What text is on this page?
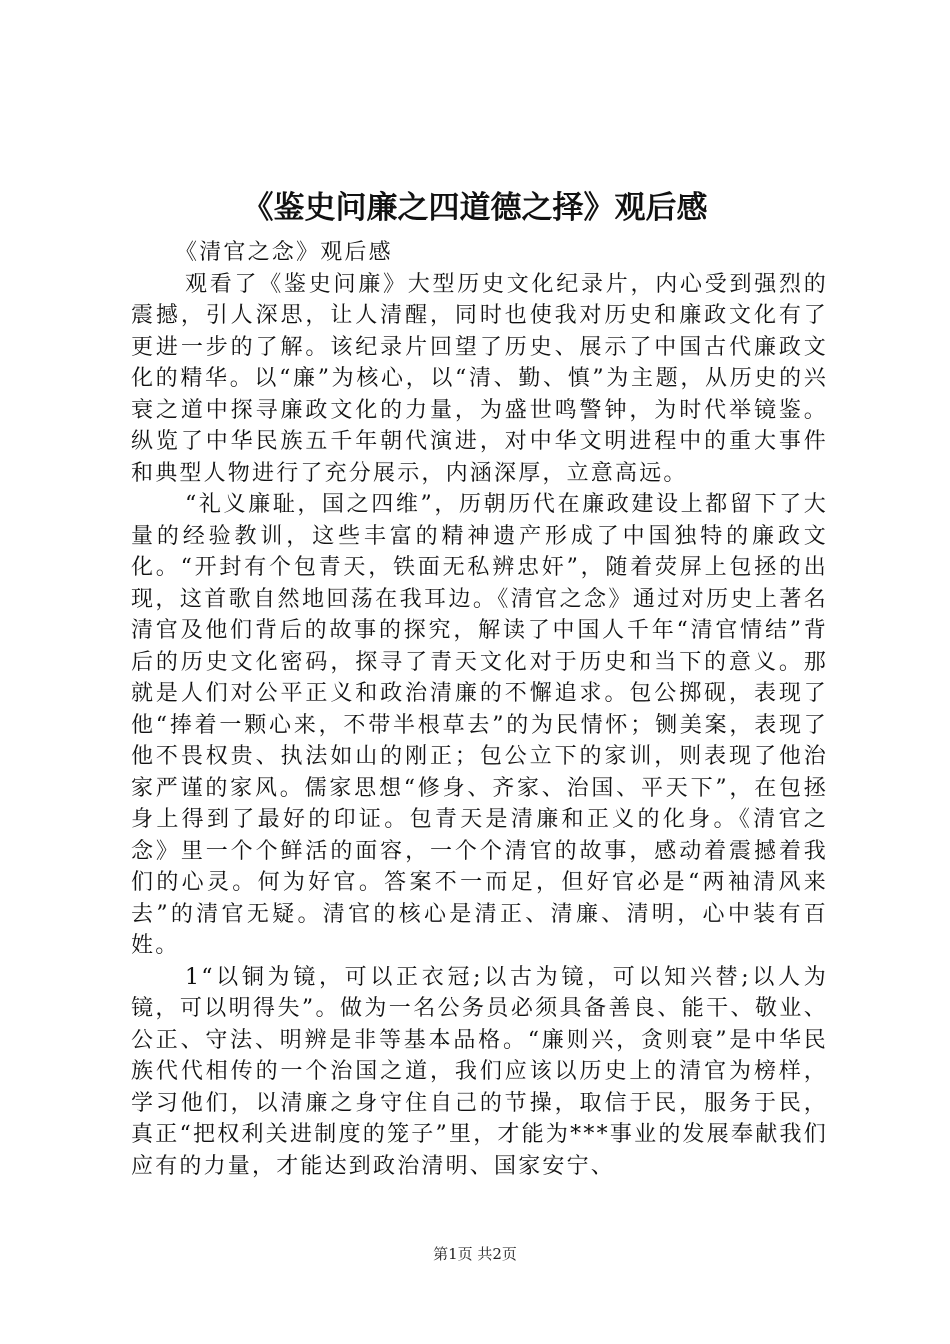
《鉴史问廉之四道德之择》观后感

《清官之念》观后感

观看了《鉴史问廉》大型历史文化纪录片，内心受到强烈的震撼，引人深思，让人清醒，同时也使我对历史和廉政文化有了更进一步的了解。该纪录片回望了历史、展示了中国古代廉政文化的精华。以“廉”为核心，以“清、勤、慎”为主题，从历史的兴衰之道中探寻廉政文化的力量，为盛世鸣警钟，为时代举镜鉴。纵览了中华民族五千年朝代演进，对中华文明进程中的重大事件和典型人物进行了充分展示，内涵深厚，立意高远。

“礼义廉耻，国之四维”，历朝历代在廉政建设上都留下了大量的经验教训，这些丰富的精神遗产形成了中国独特的廉政文化。“开封有个包青天，铁面无私辨忠奸”，随着荧屏上包拯的出现，这首歌自然地回荡在我耳边。《清官之念》通过对历史上著名清官及他们背后的故事的探究，解读了中国人千年“清官情结”背后的历史文化密码，探寻了青天文化对于历史和当下的意义。那就是人们对公平正义和政治清廉的不懈追求。包公掷砚，表现了他“捧着一颗心来，不带半根草去”的为民情怀；铡美案，表现了他不畏权贵、执法如山的刚正；包公立下的家训，则表现了他治家严谨的家风。儒家思想“修身、齐家、治国、平天下”，在包拯身上得到了最好的印证。包青天是清廉和正义的化身。《清官之念》里一个个鲜活的面容，一个个清官的故事，感动着震撼着我们的心灵。何为好官。答案不一而足，但好官必是“两袖清风来去”的清官无疑。清官的核心是清正、清廉、清明，心中装有百姓。

1“以铜为镜，可以正衣冠;以古为镜，可以知兴替;以人为镜，可以明得失”。做为一名公务员必须具备善良、能干、敬业、公正、守法、明辨是非等基本品格。“廉则兴，贪则衰”是中华民族代代相传的一个治国之道，我们应该以历史上的清官为榜样，学习他们，以清廉之身守住自己的节操，取信于民，服务于民，真正“把权利关进制度的笼子”里，才能为***事业的发展奉献我们应有的力量，才能达到政治清明、国家安宁、

第1页 共2页
